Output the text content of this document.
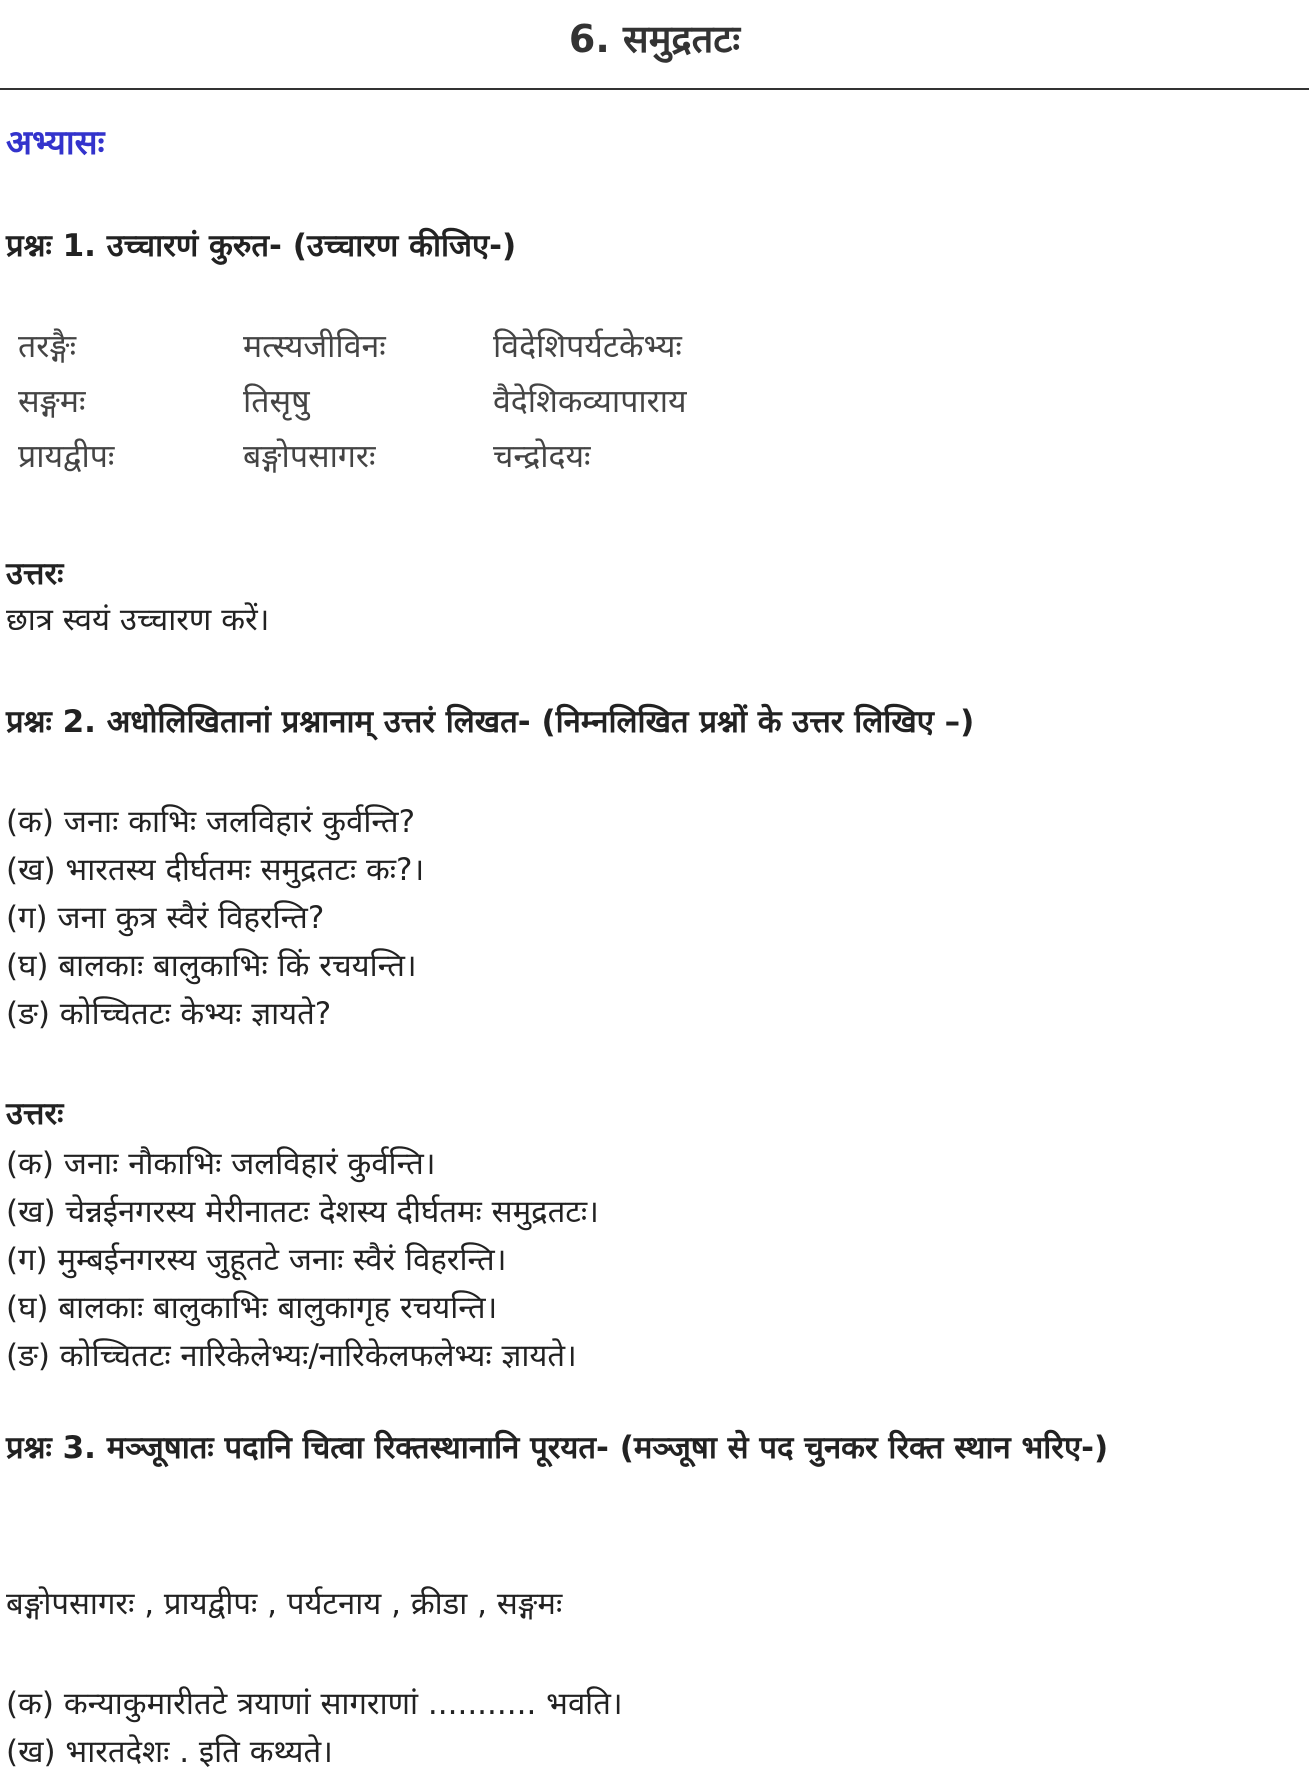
6. समुद्रतटः
अभ्यासः
प्रश्नः 1. उच्चारणं कुरुत- (उच्चारण कीजिए-)
तरङ्गैः	मत्स्यजीविनः	विदेशिपर्यटकेभ्यः
सङ्गमः	तिसृषु	वैदेशिकव्यापाराय
प्रायद्वीपः	बङ्गोपसागरः	चन्द्रोदयः
उत्तरः
छात्र स्वयं उच्चारण करें।
प्रश्नः 2. अधोलिखितानां प्रश्नानाम् उत्तरं लिखत- (निम्नलिखित प्रश्नों के उत्तर लिखिए –)
(क) जनाः काभिः जलविहारं कुर्वन्ति?
(ख) भारतस्य दीर्घतमः समुद्रतटः कः?।
(ग) जना कुत्र स्वैरं विहरन्ति?
(घ) बालकाः बालुकाभिः किं रचयन्ति।
(ङ) कोच्चितटः केभ्यः ज्ञायते?
उत्तरः
(क) जनाः नौकाभिः जलविहारं कुर्वन्ति।
(ख) चेन्नईनगरस्य मेरीनातटः देशस्य दीर्घतमः समुद्रतटः।
(ग) मुम्बईनगरस्य जुहूतटे जनाः स्वैरं विहरन्ति।
(घ) बालकाः बालुकाभिः बालुकागृह रचयन्ति।
(ङ) कोच्चितटः नारिकेलेभ्यः/नारिकेलफलेभ्यः ज्ञायते।
प्रश्नः 3. मञ्जूषातः पदानि चित्वा रिक्तस्थानानि पूरयत- (मञ्जूषा से पद चुनकर रिक्त स्थान भरिए-)
बङ्गोपसागरः , प्रायद्वीपः , पर्यटनाय , क्रीडा , सङ्गमः
(क) कन्याकुमारीतटे त्रयाणां सागराणां ........... भवति।
(ख) भारतदेशः . इति कथ्यते।
